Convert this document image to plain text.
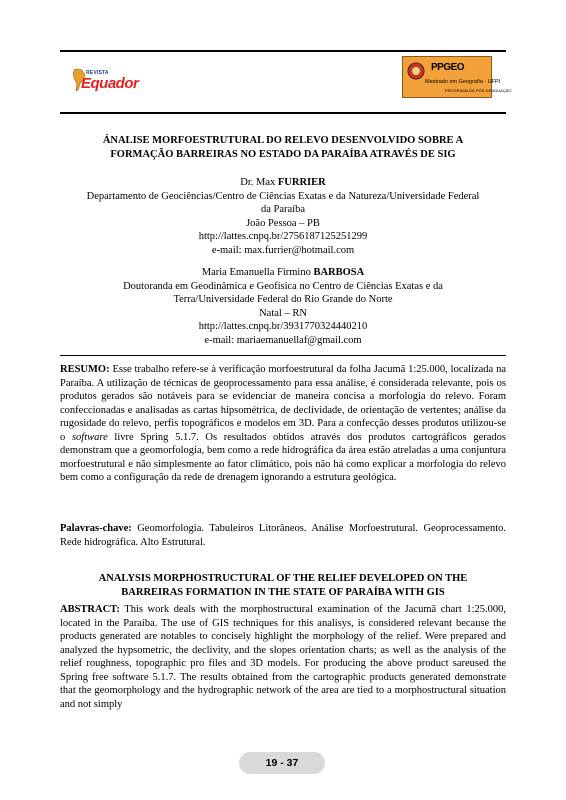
REVISTA
Equador
PPGEO
Mestrado em Geografia - UFPI
PROGRAMA DE PÓS-GRADUAÇÃO
ÁNALISE MORFOESTRUTURAL DO RELEVO DESENVOLVIDO SOBRE A
FORMAÇÃO BARREIRAS NO ESTADO DA PARAÍBA ATRAVÉS DE SIG
Dr. Max FURRIER
Departamento de Geociências/Centro de Ciências Exatas e da Natureza/Universidade Federal
da Paraíba
João Pessoa – PB
http://lattes.cnpq.br/2756187125251299
e-mail: max.furrier@hotmail.com
Maria Emanuella Firmino BARBOSA
Doutoranda em Geodinâmica e Geofísica no Centro de Ciências Exatas e da
Terra/Universidade Federal do Rio Grande do Norte
Natal – RN
http://lattes.cnpq.br/3931770324440210
e-mail: mariaemanuellaf@gmail.com
RESUMO: Esse trabalho refere-se à verificação morfoestrutural da folha Jacumã 1:25.000, localizada na Paraíba. A utilização de técnicas de geoprocessamento para essa análise, é considerada relevante, pois os produtos gerados são notáveis para se evidenciar de maneira concisa a morfologia do relevo. Foram confeccionadas e analisadas as cartas hipsométrica, de declividade, de orientação de vertentes; análise da rugosidade do relevo, perfis topográficos e modelos em 3D. Para a confecção desses produtos utilizou-se o software livre Spring 5.1.7. Os resultados obtidos através dos produtos cartográficos gerados demonstram que a geomorfologia, bem como a rede hidrográfica da área estão atreladas a uma conjuntura morfoestrutural e não simplesmente ao fator climático, pois não há como explicar a morfologia do relevo bem como a configuração da rede de drenagem ignorando a estrutura geológica.
Palavras-chave: Geomorfologia. Tabuleiros Litorâneos. Análise Morfoestrutural. Geoprocessamento. Rede hidrográfica. Alto Estrutural.
ANALYSIS MORPHOSTRUCTURAL OF THE RELIEF DEVELOPED ON THE
BARREIRAS FORMATION IN THE STATE OF PARAÍBA WITH GIS
ABSTRACT: This work deals with the morphostructural examination of the Jacumã chart 1:25.000, located in the Paraíba. The use of GIS techniques for this analisys, is considered relevant because the products generated are notables to concisely highlight the morphology of the relief. Were prepared and analyzed the hypsometric, the declivity, and the slopes orientation charts; as well as the analysis of the relief roughness, topographic pro files and 3D models. For producing the above product sareused the Spring free software 5.1.7. The results obtained from the cartographic products generated demonstrate that the geomorphology and the hydrographic network of the area are tied to a morphostructural situation and not simply
19 - 37
